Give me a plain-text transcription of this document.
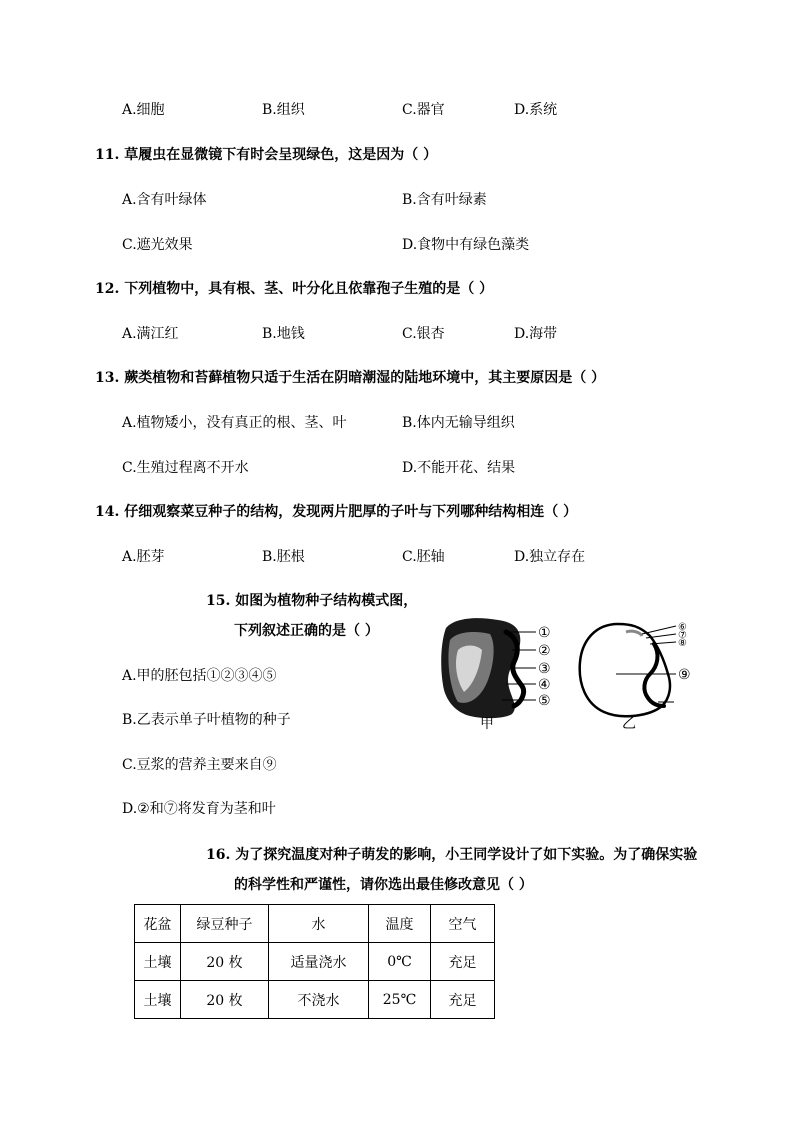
A.细胞	B.组织	C.器官	D.系统
11. 草履虫在显微镜下有时会呈现绿色，这是因为（ ）
A.含有叶绿体	B.含有叶绿素
C.遮光效果	D.食物中有绿色藻类
12. 下列植物中，具有根、茎、叶分化且依靠孢子生殖的是（ ）
A.满江红	B.地钱	C.银杏	D.海带
13. 蕨类植物和苔藓植物只适于生活在阴暗潮湿的陆地环境中，其主要原因是（ ）
A.植物矮小，没有真正的根、茎、叶	B.体内无输导组织
C.生殖过程离不开水	D.不能开花、结果
14. 仔细观察菜豆种子的结构，发现两片肥厚的子叶与下列哪种结构相连（ ）
A.胚芽	B.胚根	C.胚轴	D.独立存在
15. 如图为植物种子结构模式图，
下列叙述正确的是（ ）
A.甲的胚包括①②③④⑤
B.乙表示单子叶植物的种子
C.豆浆的营养主要来自⑨
D.②和⑦将发育为茎和叶
①
②
③
④
⑤
甲
⑥
⑦
⑧
⑨
乙
16. 为了探究温度对种子萌发的影响，小王同学设计了如下实验。为了确保实验
的科学性和严谨性，请你选出最佳修改意见（ ）
花盆	绿豆种子	水	温度	空气
土壤	20 枚	适量浇水	0℃	充足
土壤	20 枚	不浇水	25℃	充足
